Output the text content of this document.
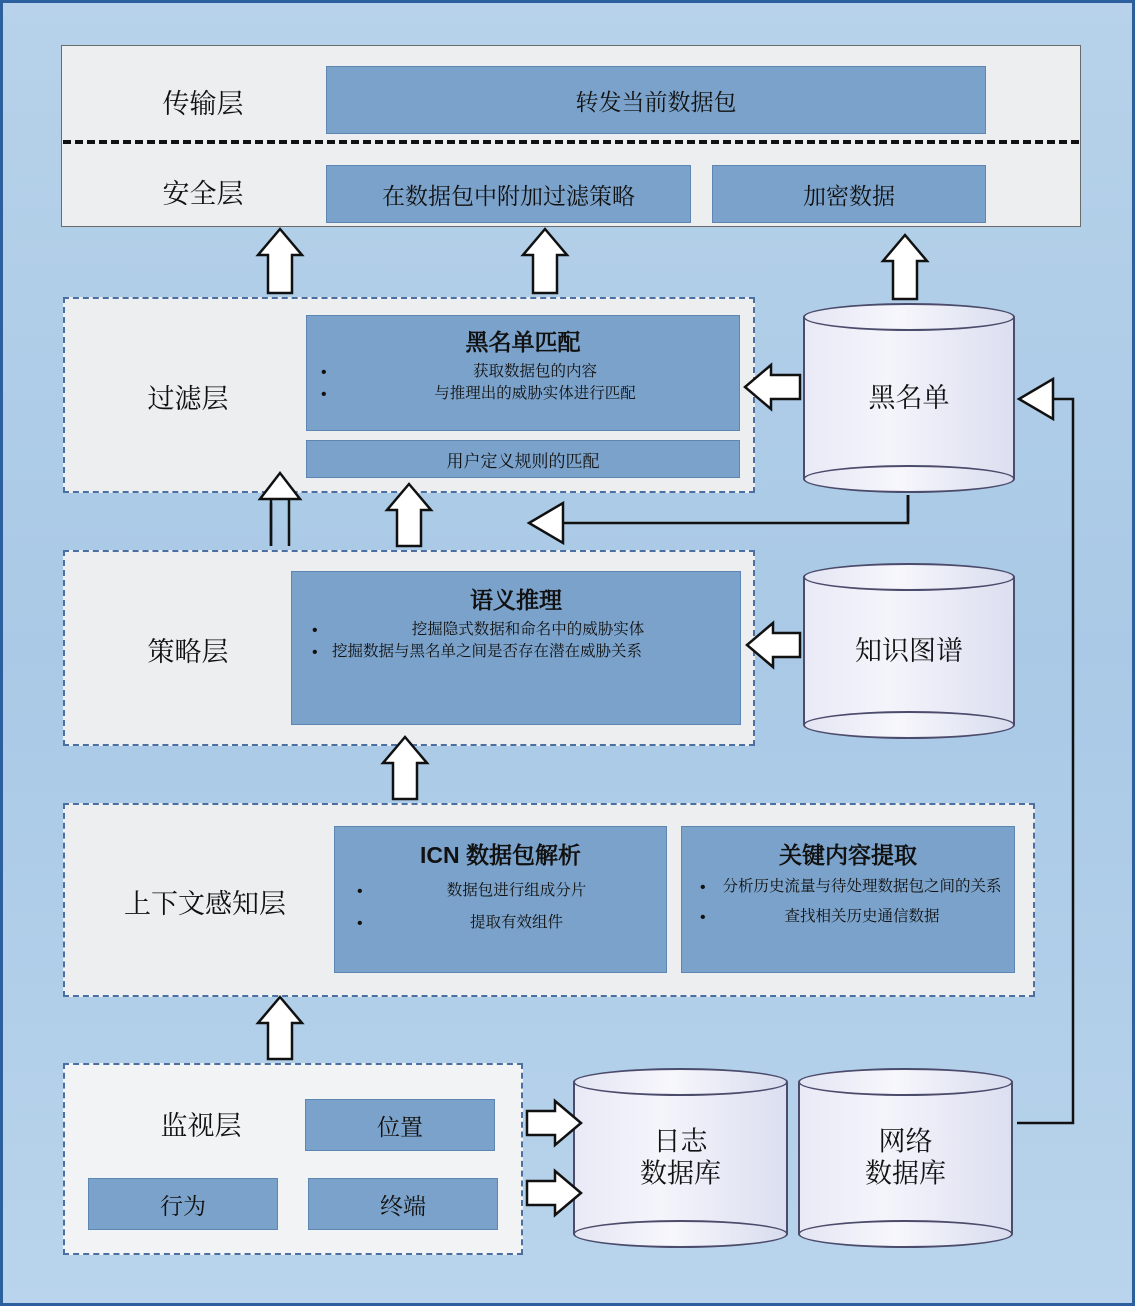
传输层	转发当前数据包
安全层	在数据包中附加过滤策略	加密数据
过滤层
黑名单匹配
• 获取数据包的内容
• 与推理出的威胁实体进行匹配
用户定义规则的匹配
策略层
语义推理
• 挖掘隐式数据和命名中的威胁实体
• 挖掘数据与黑名单之间是否存在潜在威胁关系
上下文感知层
ICN 数据包解析
• 数据包进行组成分片
• 提取有效组件
关键内容提取
• 分析历史流量与待处理数据包之间的关系
• 查找相关历史通信数据
监视层	位置
行为	终端
黑名单
知识图谱
日志
数据库
网络
数据库
